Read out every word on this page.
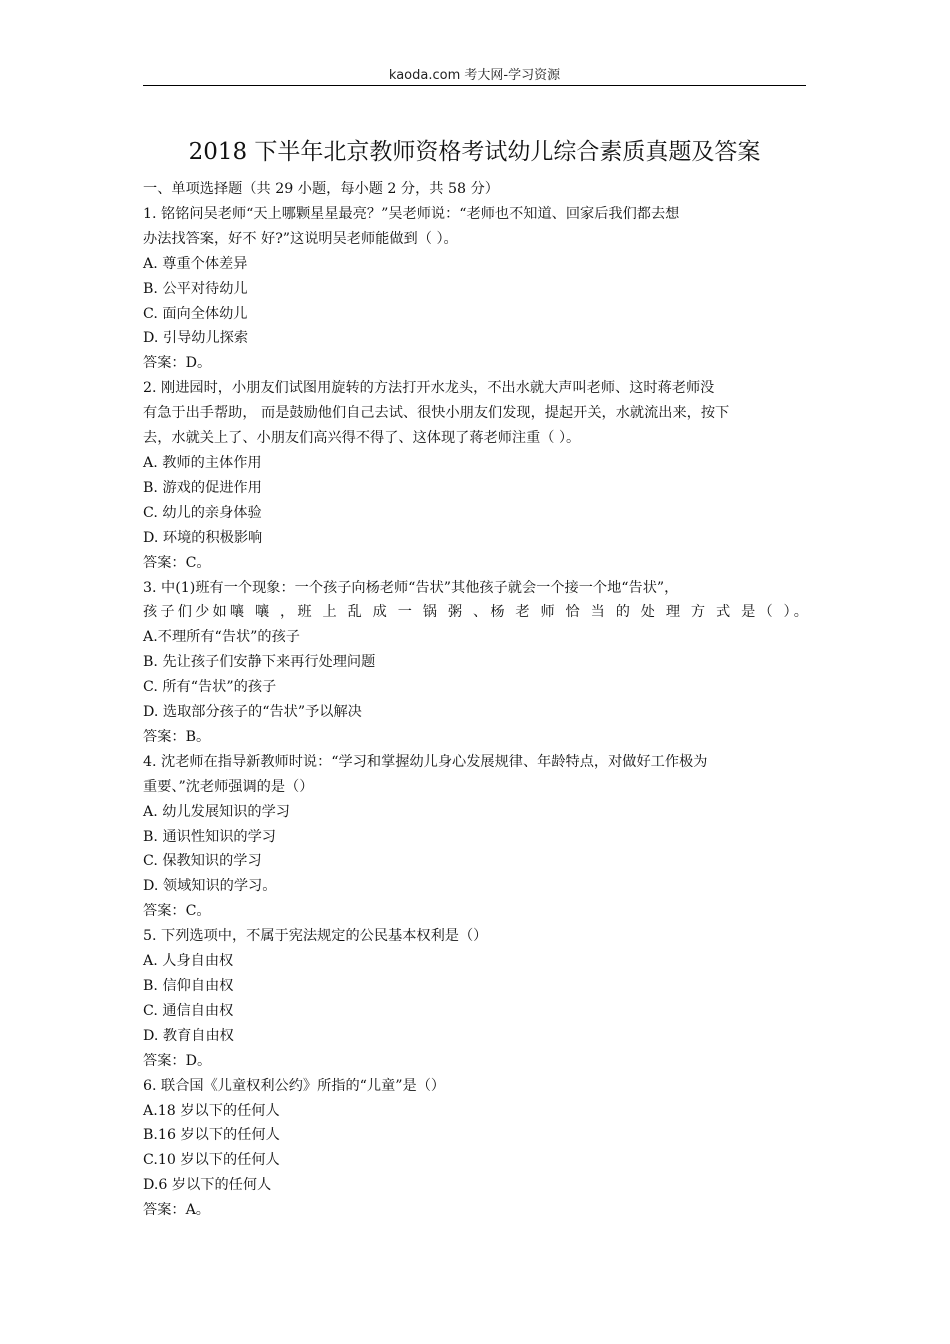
kaoda.com 考大网-学习资源
2018 下半年北京教师资格考试幼儿综合素质真题及答案

一、单项选择题（共 29 小题，每小题 2 分，共 58 分）

1. 铭铭问吴老师“天上哪颗星星最亮？”吴老师说：“老师也不知道、回家后我们都去想

办法找答案，好不 好?”这说明吴老师能做到（ ）。

A. 尊重个体差异

B. 公平对待幼儿

C. 面向全体幼儿

D. 引导幼儿探索

答案：D。

2. 刚进园时，小朋友们试图用旋转的方法打开水龙头，不出水就大声叫老师、这时蒋老师没

有急于出手帮助， 而是鼓励他们自己去试、很快小朋友们发现，提起开关，水就流出来，按下

去，水就关上了、小朋友们高兴得不得了、这体现了蒋老师注重（ ）。

A. 教师的主体作用

B. 游戏的促进作用

C. 幼儿的亲身体验

D. 环境的积极影响

答案：C。

3. 中(1)班有一个现象：一个孩子向杨老师“告状”其他孩子就会一个接一个地“告状”，

孩子们少如嚷 嚷 ，班 上 乱 成 一 锅 粥 、杨 老 师 恰 当 的 处 理 方 式 是（ ）。

A.不理所有“告状”的孩子

B. 先让孩子们安静下来再行处理问题

C. 所有“告状”的孩子

D. 选取部分孩子的“告状”予以解决

答案：B。

4. 沈老师在指导新教师时说：“学习和掌握幼儿身心发展规律、年龄特点，对做好工作极为

重要、”沈老师强调的是（）

A. 幼儿发展知识的学习

B. 通识性知识的学习

C. 保教知识的学习

D. 领域知识的学习。

答案：C。

5. 下列选项中，不属于宪法规定的公民基本权利是（）

A. 人身自由权

B. 信仰自由权

C. 通信自由权

D. 教育自由权

答案：D。

6. 联合国《儿童权利公约》所指的“儿童”是（）

A.18 岁以下的任何人

B.16 岁以下的任何人

C.10 岁以下的任何人

D.6 岁以下的任何人

答案：A。
